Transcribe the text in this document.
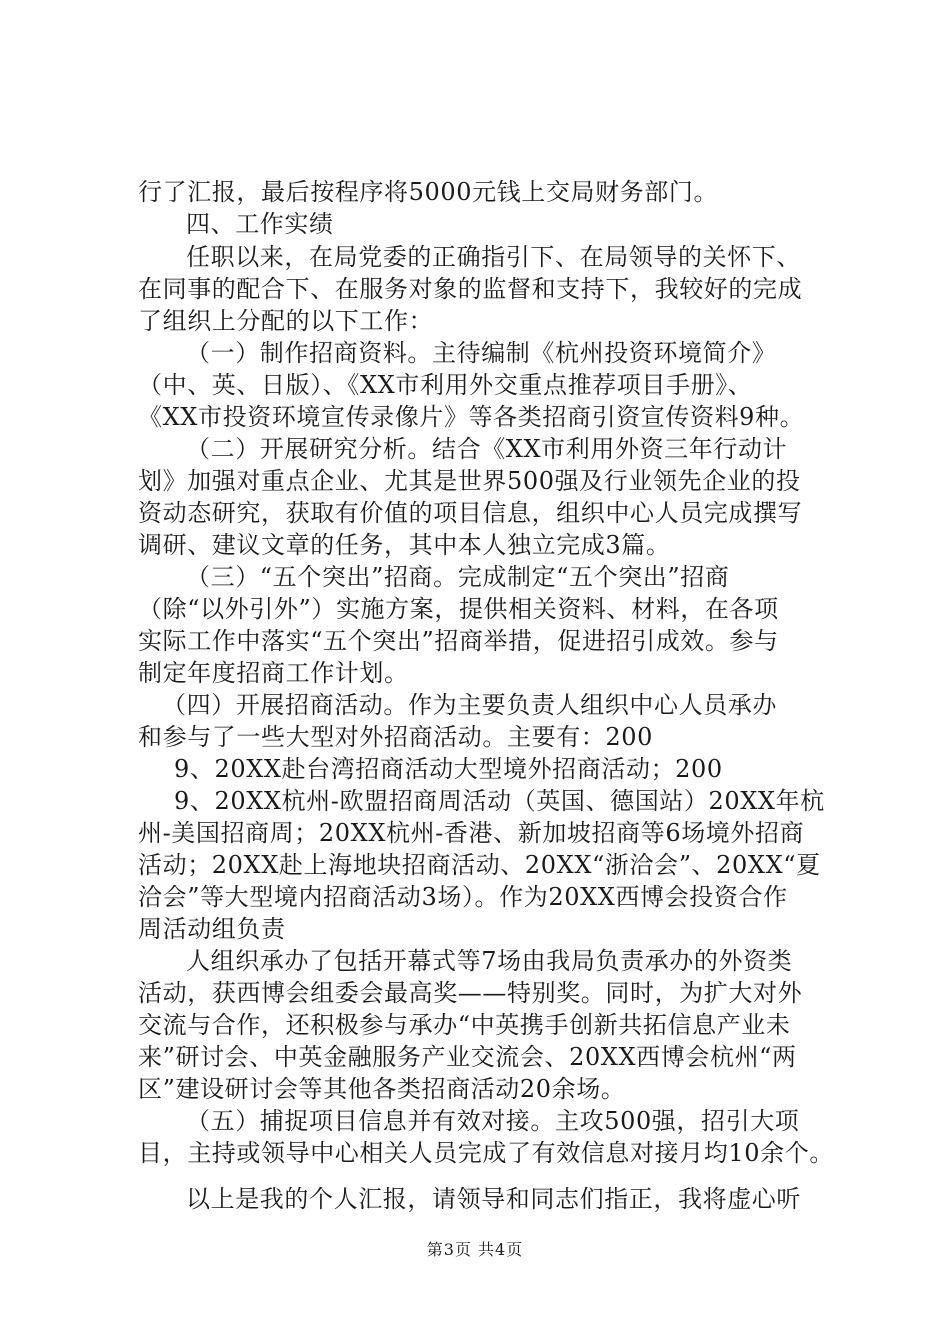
行了汇报，最后按程序将5000元钱上交局财务部门。
四、工作实绩
任职以来，在局党委的正确指引下、在局领导的关怀下、
在同事的配合下、在服务对象的监督和支持下，我较好的完成
了组织上分配的以下工作：
（一）制作招商资料。主待编制《杭州投资环境简介》
（中、英、日版）、《XX市利用外交重点推荐项目手册》、
《XX市投资环境宣传录像片》等各类招商引资宣传资料9种。
（二）开展研究分析。结合《XX市利用外资三年行动计
划》加强对重点企业、尤其是世界500强及行业领先企业的投
资动态研究，获取有价值的项目信息，组织中心人员完成撰写
调研、建议文章的任务，其中本人独立完成3篇。
（三）“五个突出”招商。完成制定“五个突出”招商
（除“以外引外”）实施方案，提供相关资料、材料，在各项
实际工作中落实“五个突出”招商举措，促进招引成效。参与
制定年度招商工作计划。
（四）开展招商活动。作为主要负责人组织中心人员承办
和参与了一些大型对外招商活动。主要有：200
9、20XX赴台湾招商活动大型境外招商活动；200
9、20XX杭州-欧盟招商周活动（英国、德国站）20XX年杭
州-美国招商周；20XX杭州-香港、新加坡招商等6场境外招商
活动；20XX赴上海地块招商活动、20XX“浙洽会”、20XX“夏
洽会”等大型境内招商活动3场）。作为20XX西博会投资合作
周活动组负责
人组织承办了包括开幕式等7场由我局负责承办的外资类
活动，获西博会组委会最高奖——特别奖。同时，为扩大对外
交流与合作，还积极参与承办“中英携手创新共拓信息产业未
来”研讨会、中英金融服务产业交流会、20XX西博会杭州“两
区”建设研讨会等其他各类招商活动20余场。
（五）捕捉项目信息并有效对接。主攻500强，招引大项
目，主持或领导中心相关人员完成了有效信息对接月均10余个。
以上是我的个人汇报，请领导和同志们指正，我将虚心听
第3页 共4页
